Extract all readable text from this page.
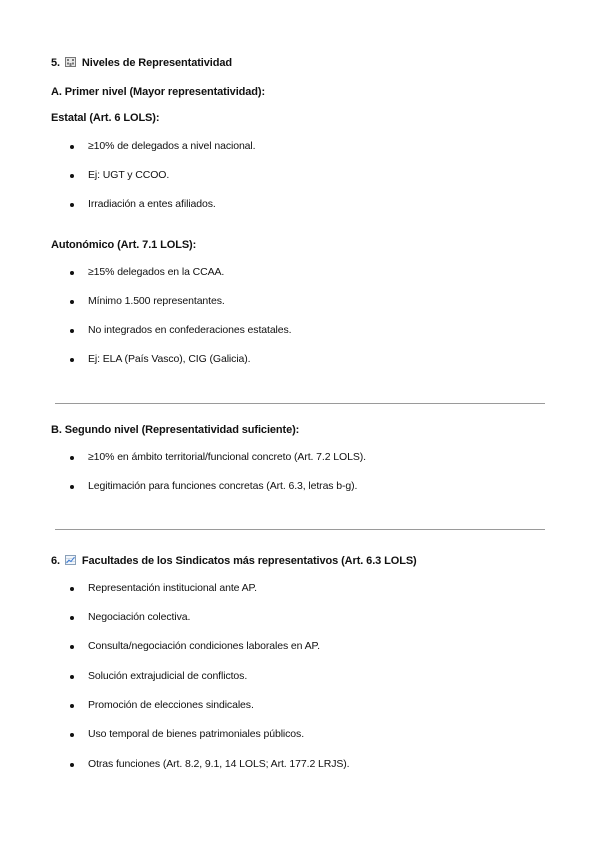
5. Niveles de Representatividad
A. Primer nivel (Mayor representatividad):
Estatal (Art. 6 LOLS):
≥10% de delegados a nivel nacional.
Ej: UGT y CCOO.
Irradiación a entes afiliados.
Autonómico (Art. 7.1 LOLS):
≥15% delegados en la CCAA.
Mínimo 1.500 representantes.
No integrados en confederaciones estatales.
Ej: ELA (País Vasco), CIG (Galicia).
B. Segundo nivel (Representatividad suficiente):
≥10% en ámbito territorial/funcional concreto (Art. 7.2 LOLS).
Legitimación para funciones concretas (Art. 6.3, letras b-g).
6. Facultades de los Sindicatos más representativos (Art. 6.3 LOLS)
Representación institucional ante AP.
Negociación colectiva.
Consulta/negociación condiciones laborales en AP.
Solución extrajudicial de conflictos.
Promoción de elecciones sindicales.
Uso temporal de bienes patrimoniales públicos.
Otras funciones (Art. 8.2, 9.1, 14 LOLS; Art. 177.2 LRJS).
